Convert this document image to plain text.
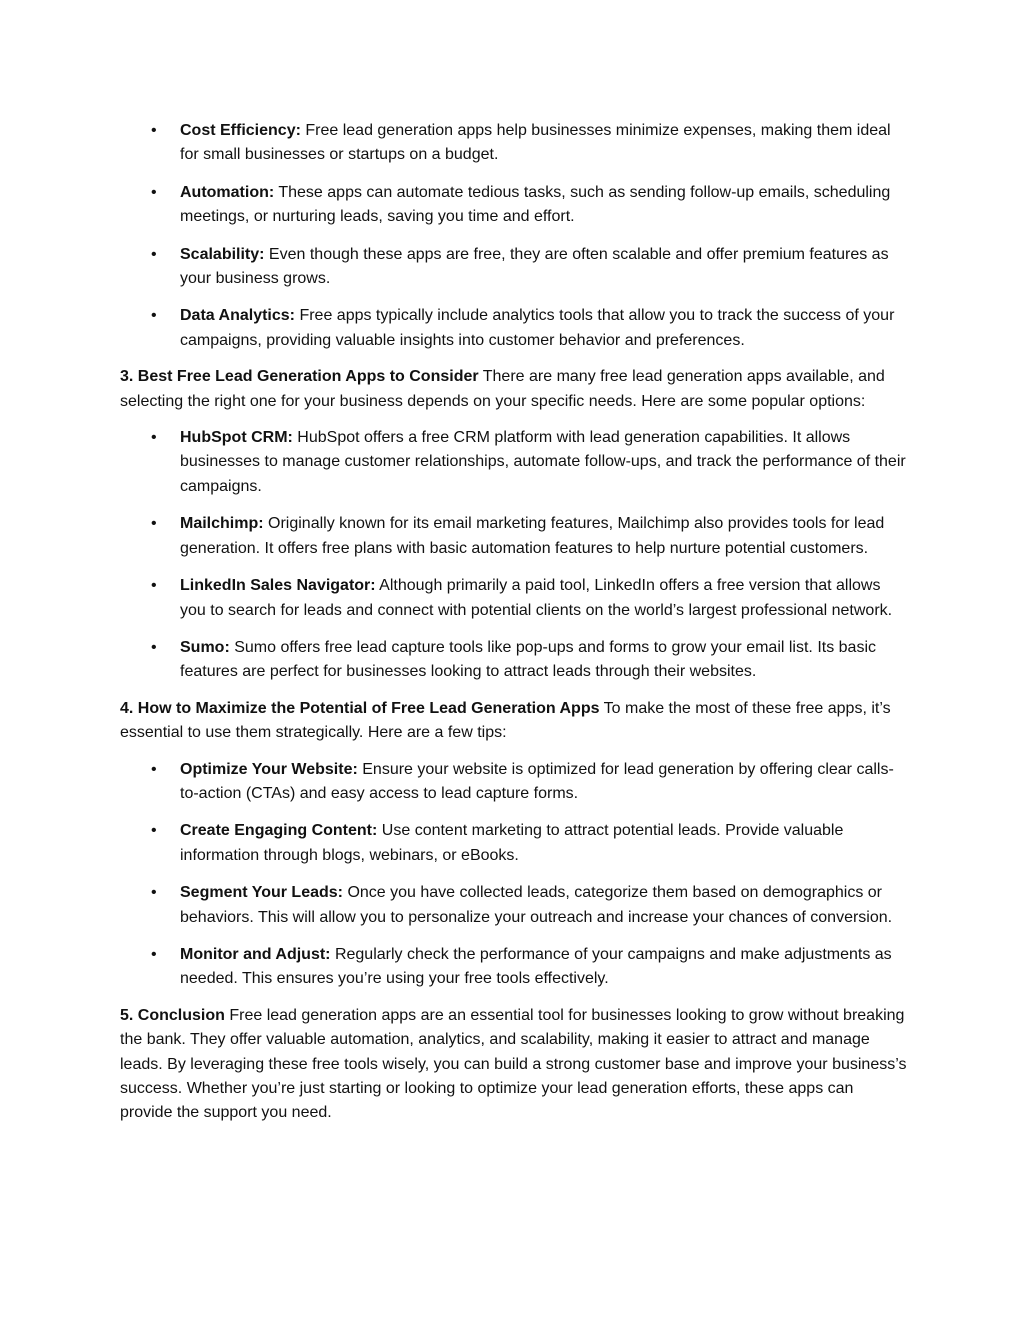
• Cost Efficiency: Free lead generation apps help businesses minimize expenses, making them ideal for small businesses or startups on a budget.
• Automation: These apps can automate tedious tasks, such as sending follow-up emails, scheduling meetings, or nurturing leads, saving you time and effort.
• Scalability: Even though these apps are free, they are often scalable and offer premium features as your business grows.
• Data Analytics: Free apps typically include analytics tools that allow you to track the success of your campaigns, providing valuable insights into customer behavior and preferences.

3. Best Free Lead Generation Apps to Consider There are many free lead generation apps available, and selecting the right one for your business depends on your specific needs. Here are some popular options:

• HubSpot CRM: HubSpot offers a free CRM platform with lead generation capabilities. It allows businesses to manage customer relationships, automate follow-ups, and track the performance of their campaigns.
• Mailchimp: Originally known for its email marketing features, Mailchimp also provides tools for lead generation. It offers free plans with basic automation features to help nurture potential customers.
• LinkedIn Sales Navigator: Although primarily a paid tool, LinkedIn offers a free version that allows you to search for leads and connect with potential clients on the world’s largest professional network.
• Sumo: Sumo offers free lead capture tools like pop-ups and forms to grow your email list. Its basic features are perfect for businesses looking to attract leads through their websites.

4. How to Maximize the Potential of Free Lead Generation Apps To make the most of these free apps, it’s essential to use them strategically. Here are a few tips:

• Optimize Your Website: Ensure your website is optimized for lead generation by offering clear calls-to-action (CTAs) and easy access to lead capture forms.
• Create Engaging Content: Use content marketing to attract potential leads. Provide valuable information through blogs, webinars, or eBooks.
• Segment Your Leads: Once you have collected leads, categorize them based on demographics or behaviors. This will allow you to personalize your outreach and increase your chances of conversion.
• Monitor and Adjust: Regularly check the performance of your campaigns and make adjustments as needed. This ensures you’re using your free tools effectively.

5. Conclusion Free lead generation apps are an essential tool for businesses looking to grow without breaking the bank. They offer valuable automation, analytics, and scalability, making it easier to attract and manage leads. By leveraging these free tools wisely, you can build a strong customer base and improve your business’s success. Whether you’re just starting or looking to optimize your lead generation efforts, these apps can provide the support you need.
